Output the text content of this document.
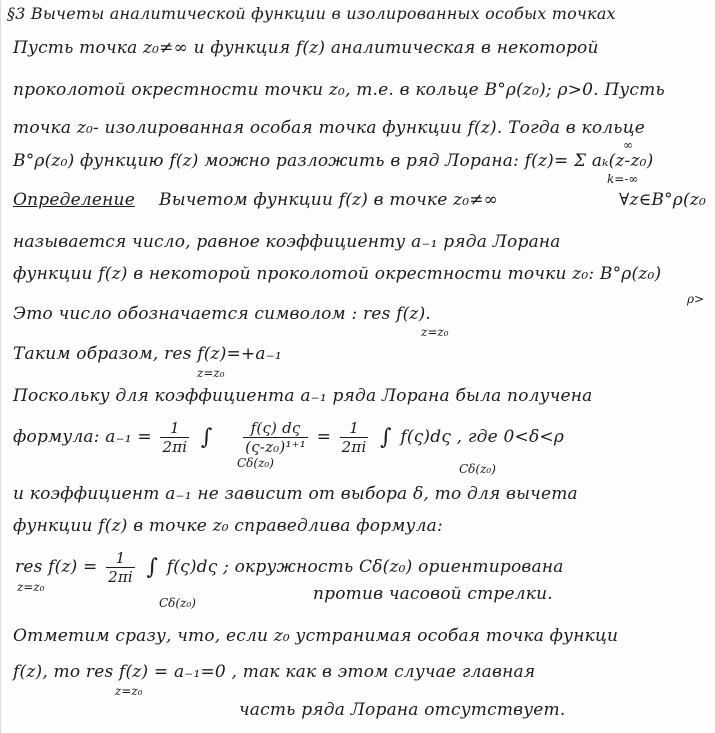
§3 Вычеты аналитической функции в изолированных особых точках
Пусть точка z₀≠∞ и функция f(z) аналитическая в некоторой
проколотой окрестности точки z₀, т.е. в кольце B°ρ(z₀); ρ>0. Пусть
точка z₀- изолированная особая точка функции f(z). Тогда в кольце
B°ρ(z₀) функцию f(z) можно разложить в ряд Лорана: f(z)= Σ aₖ(z-z₀)
∞
k=-∞
Определение Вычетом функции f(z) в точке z₀≠∞	∀z∈B°ρ(z₀
называется число, равное коэффициенту a₋₁ ряда Лорана
функции f(z) в некоторой проколотой окрестности точки z₀: B°ρ(z₀)
ρ>
Это число обозначается символом : res f(z).
z=z₀
Таким образом, res f(z)=+a₋₁
z=z₀
Поскольку для коэффициента a₋₁ ряда Лорана была получена
формула: $a_{-1} = \frac{1}{2\pi i}$ ∫ $\frac{f(\varsigma) d\varsigma}{\text{(ς-z₀)¹⁺¹}} = \frac{1}{2\pi i}$ ∫ f(ς)dς , где 0<δ<ρ
Cδ(z₀)	Cδ(z₀)
и коэффициент a₋₁ не зависит от выбора δ, то для вычета
функции f(z) в точке z₀ справедлива формула:
res $f(z) = \frac{1}{2\pi i}$ ∫ f(ς)dς ; окружность Cδ(z₀) ориентирована
z=z₀	против часовой стрелки.
Cδ(z₀)
Отметим сразу, что, если z₀ устранимая особая точка функци
f(z), то res f(z) = a₋₁=0 , так как в этом случае главная
z=z₀
часть ряда Лорана отсутствует.
